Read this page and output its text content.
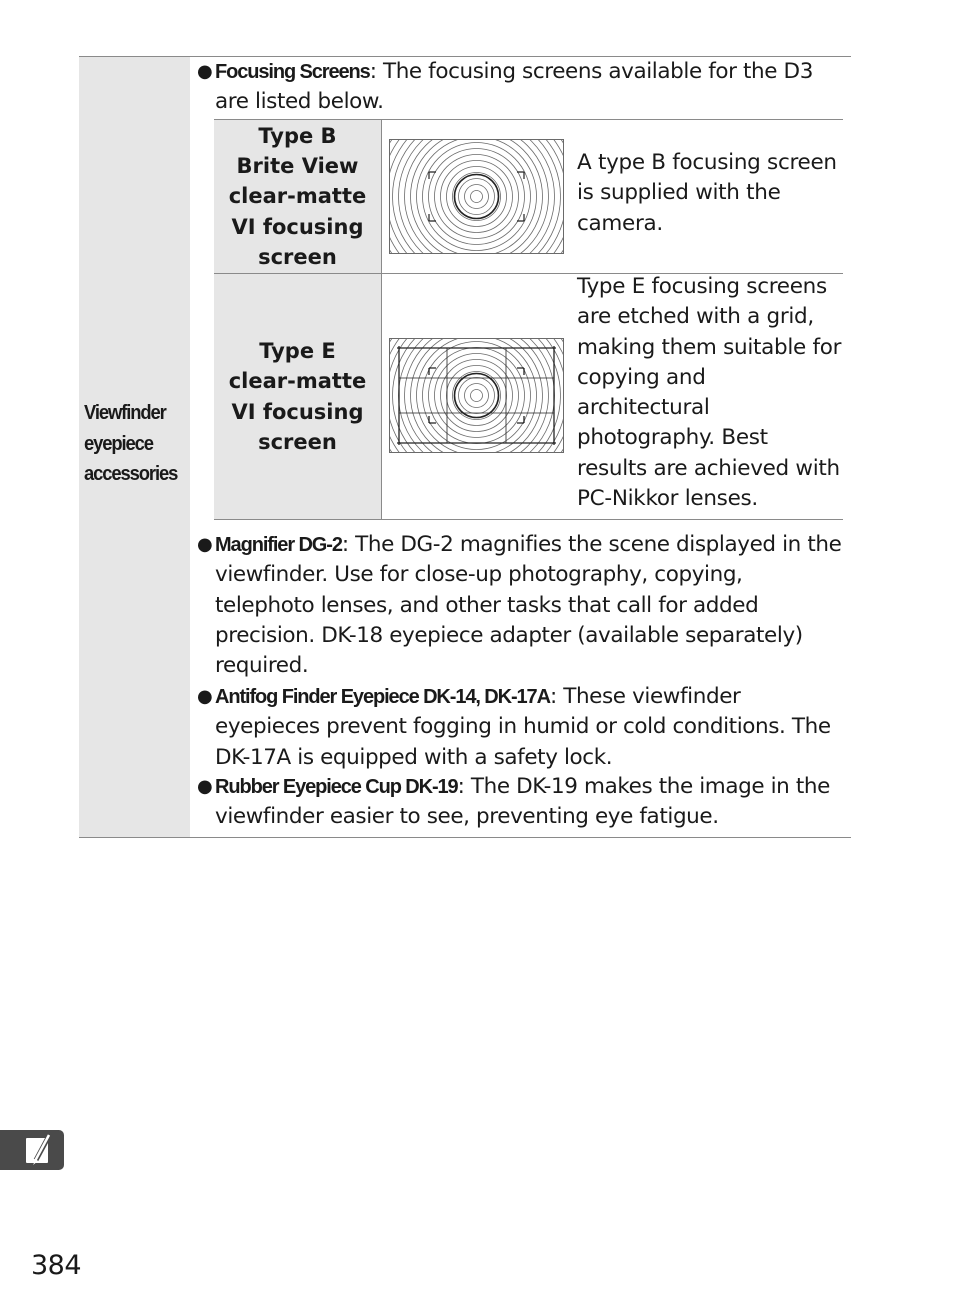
Viewfinder
eyepiece
accessories
● Focusing Screens: The focusing screens available for the D3 are listed below.
Type B
Brite View
clear-matte
VI focusing
screen
A type B focusing screen is supplied with the camera.
Type E
clear-matte
VI focusing
screen
Type E focusing screens are etched with a grid, making them suitable for copying and architectural photography. Best results are achieved with PC-Nikkor lenses.
● Magnifier DG-2: The DG-2 magnifies the scene displayed in the viewfinder. Use for close-up photography, copying, telephoto lenses, and other tasks that call for added precision. DK-18 eyepiece adapter (available separately) required.
● Antifog Finder Eyepiece DK-14, DK-17A: These viewfinder eyepieces prevent fogging in humid or cold conditions. The DK-17A is equipped with a safety lock.
● Rubber Eyepiece Cup DK-19: The DK-19 makes the image in the viewfinder easier to see, preventing eye fatigue.
384
